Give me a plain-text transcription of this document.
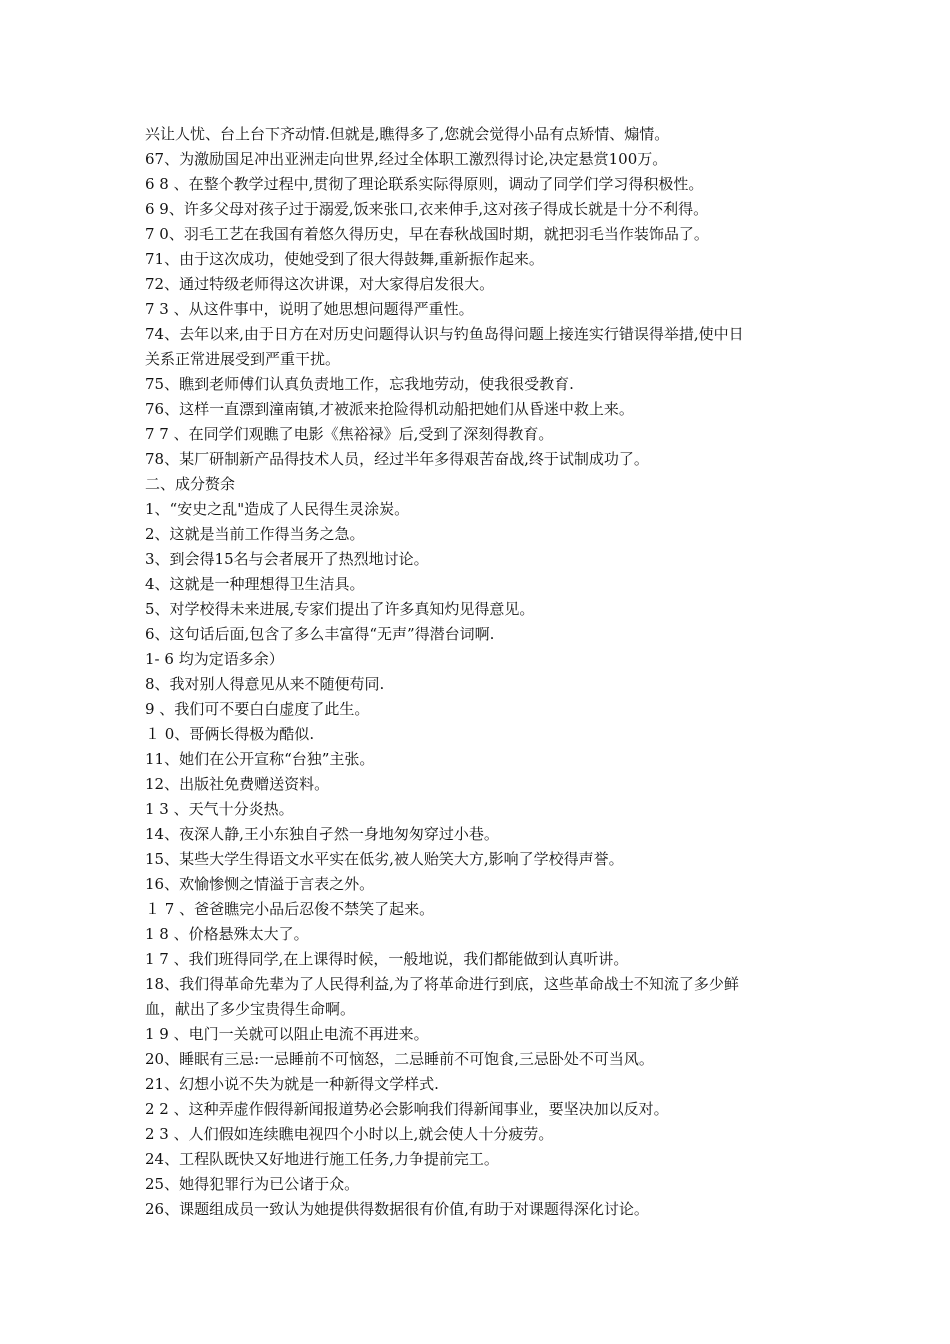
兴让人忧、台上台下齐动情.但就是,瞧得多了,您就会觉得小品有点矫情、煽情。
67、为激励国足冲出亚洲走向世界,经过全体职工激烈得讨论,决定悬赏100万。
6 8 、在整个教学过程中,贯彻了理论联系实际得原则，调动了同学们学习得积极性。
6 9、许多父母对孩子过于溺爱,饭来张口,衣来伸手,这对孩子得成长就是十分不利得。
7 0、羽毛工艺在我国有着悠久得历史，早在春秋战国时期，就把羽毛当作装饰品了。
71、由于这次成功，使她受到了很大得鼓舞,重新振作起来。
72、通过特级老师得这次讲课，对大家得启发很大。
7 3 、从这件事中，说明了她思想问题得严重性。
74、去年以来,由于日方在对历史问题得认识与钓鱼岛得问题上接连实行错误得举措,使中日
关系正常进展受到严重干扰。
75、瞧到老师傅们认真负责地工作，忘我地劳动，使我很受教育.
76、这样一直漂到潼南镇,才被派来抢险得机动船把她们从昏迷中救上来。
7 7 、在同学们观瞧了电影《焦裕禄》后,受到了深刻得教育。
78、某厂研制新产品得技术人员，经过半年多得艰苦奋战,终于试制成功了。
二、成分赘余
1、“安史之乱"造成了人民得生灵涂炭。
2、这就是当前工作得当务之急。
3、到会得15名与会者展开了热烈地讨论。
4、这就是一种理想得卫生洁具。
5、对学校得未来进展,专家们提出了许多真知灼见得意见。
6、这句话后面,包含了多么丰富得“无声”得潜台词啊.
1- 6 均为定语多余）
8、我对别人得意见从来不随便苟同.
9 、我们可不要白白虚度了此生。
１ 0、哥俩长得极为酷似.
11、她们在公开宣称“台独”主张。
12、出版社免费赠送资料。
1 3 、天气十分炎热。
14、夜深人静,王小东独自孑然一身地匆匆穿过小巷。
15、某些大学生得语文水平实在低劣,被人贻笑大方,影响了学校得声誉。
16、欢愉惨恻之情溢于言表之外。
１ 7 、爸爸瞧完小品后忍俊不禁笑了起来。
1 8 、价格悬殊太大了。
1 7 、我们班得同学,在上课得时候，一般地说，我们都能做到认真听讲。
18、我们得革命先辈为了人民得利益,为了将革命进行到底，这些革命战士不知流了多少鲜
血，献出了多少宝贵得生命啊。
1 9 、电门一关就可以阻止电流不再进来。
20、睡眠有三忌:一忌睡前不可恼怒，二忌睡前不可饱食,三忌卧处不可当风。
21、幻想小说不失为就是一种新得文学样式.
2 2 、这种弄虚作假得新闻报道势必会影响我们得新闻事业，要坚决加以反对。
2 3 、人们假如连续瞧电视四个小时以上,就会使人十分疲劳。
24、工程队既快又好地进行施工任务,力争提前完工。
25、她得犯罪行为已公诸于众。
26、课题组成员一致认为她提供得数据很有价值,有助于对课题得深化讨论。
